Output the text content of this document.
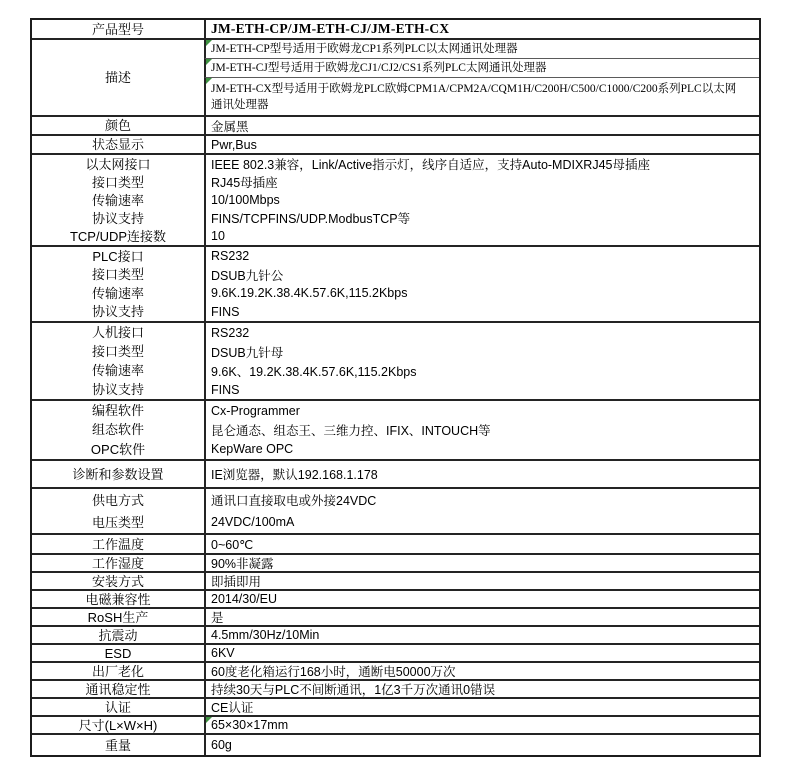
产品型号	JM-ETH-CP/JM-ETH-CJ/JM-ETH-CX
描述
JM-ETH-CP型号适用于欧姆龙CP1系列PLC以太网通讯处理器
JM-ETH-CJ型号适用于欧姆龙CJ1/CJ2/CS1系列PLC太网通讯处理器
JM-ETH-CX型号适用于欧姆龙PLC欧姆CPM1A/CPM2A/CQM1H/C200H/C500/C1000/C200系列PLC以太网通讯处理器
颜色	金属黑
状态显示	Pwr,Bus
以太网接口	IEEE 802.3兼容，Link/Active指示灯，线序自适应，支持Auto-MDIXRJ45母插座
接口类型	RJ45母插座
传输速率	10/100Mbps
协议支持	FINS/TCPFINS/UDP.ModbusTCP等
TCP/UDP连接数	10
PLC接口	RS232
接口类型	DSUB九针公
传输速率	9.6K.19.2K.38.4K.57.6K,115.2Kbps
协议支持	FINS
人机接口	RS232
接口类型	DSUB九针母
传输速率	9.6K、19.2K.38.4K.57.6K,115.2Kbps
协议支持	FINS
编程软件	Cx-Programmer
组态软件	昆仑通态、组态王、三维力控、IFIX、INTOUCH等
OPC软件	KepWare OPC
诊断和参数设置	IE浏览器，默认192.168.1.178
供电方式	通讯口直接取电或外接24VDC
电压类型	24VDC/100mA
工作温度	0~60℃
工作湿度	90%非凝露
安装方式	即插即用
电磁兼容性	2014/30/EU
RoSH生产	是
抗震动	4.5mm/30Hz/10Min
ESD	6KV
出厂老化	60度老化箱运行168小时，通断电50000万次
通讯稳定性	持续30天与PLC不间断通讯，1亿3千万次通讯0错误
认证	CE认证
尺寸(L×W×H)	65×30×17mm
重量	60g
